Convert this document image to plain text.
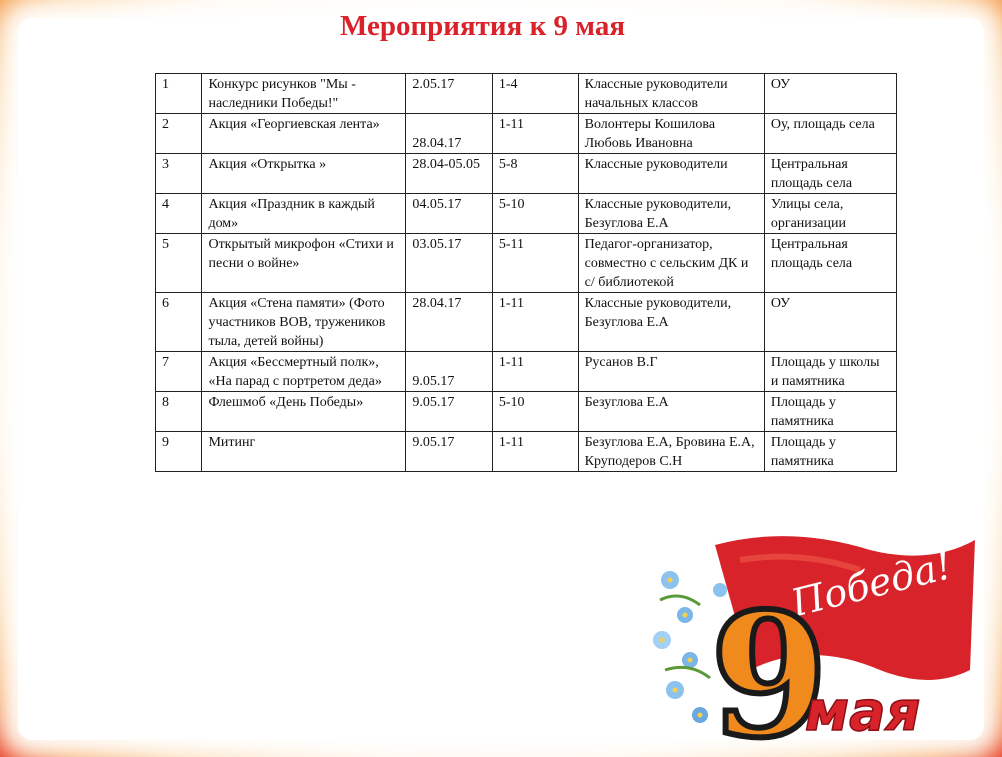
Мероприятия к 9 мая
1	Конкурс рисунков "Мы - наследники Победы!"	2.05.17	1-4	Классные руководители начальных классов	ОУ
2	Акция «Георгиевская лента»	28.04.17	1-11	Волонтеры Кошилова Любовь Ивановна	Оу, площадь села
3	Акция «Открытка »	28.04-05.05	5-8	Классные руководители	Центральная площадь села
4	Акция «Праздник в каждый дом»	04.05.17	5-10	Классные руководители, Безуглова Е.А	Улицы села, организации
5	Открытый микрофон «Стихи и песни о войне»	03.05.17	5-11	Педагог-организатор, совместно с сельским ДК и с/ библиотекой	Центральная площадь села
6	Акция «Стена памяти» (Фото участников ВОВ, тружеников тыла, детей войны)	28.04.17	1-11	Классные руководители, Безуглова Е.А	ОУ
7	Акция «Бессмертный полк», «На парад с портретом деда»	9.05.17	1-11	Русанов В.Г	Площадь у школы и памятника
8	Флешмоб «День Победы»	9.05.17	5-10	Безуглова Е.А	Площадь у памятника
9	Митинг	9.05.17	1-11	Безуглова Е.А, Бровина Е.А, Круподеров С.Н	Площадь у памятника
Победа!
9
мая
